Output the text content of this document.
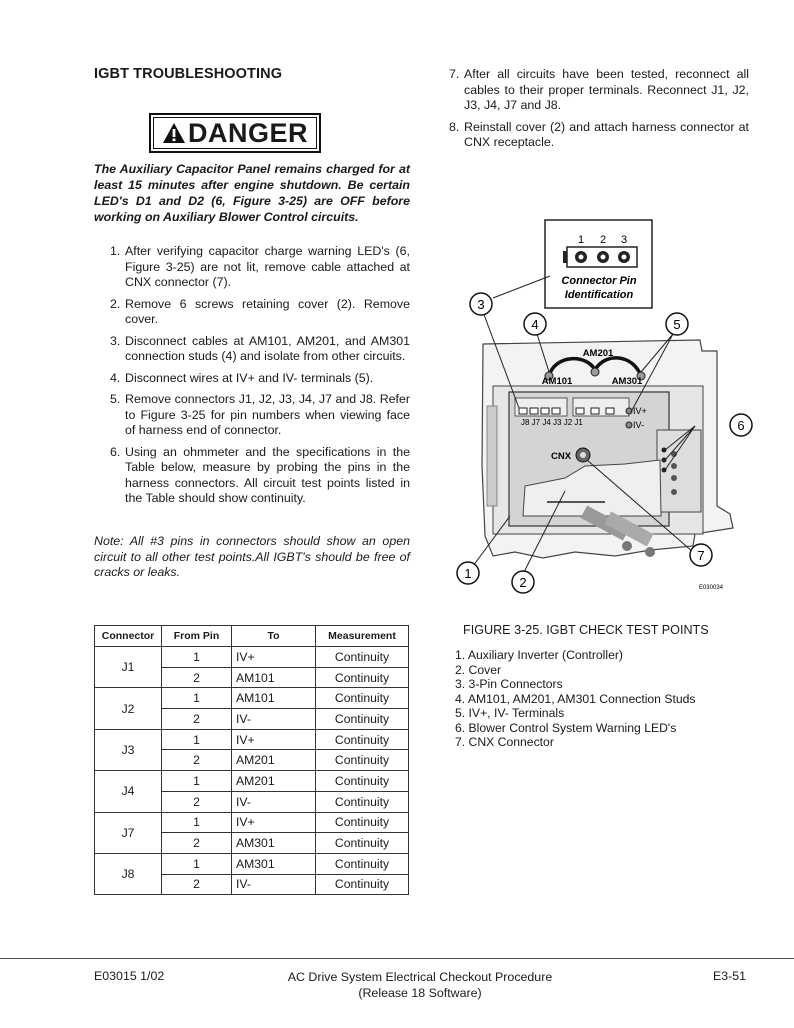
IGBT TROUBLESHOOTING
DANGER
The Auxiliary Capacitor Panel remains charged for at least 15 minutes after engine shutdown. Be certain LED's D1 and D2 (6, Figure 3-25) are OFF before working on Auxiliary Blower Control circuits.
1. After verifying capacitor charge warning LED's (6, Figure 3-25) are not lit, remove cable attached at CNX connector (7).
2. Remove 6 screws retaining cover (2). Remove cover.
3. Disconnect cables at AM101, AM201, and AM301 connection studs (4) and isolate from other circuits.
4. Disconnect wires at IV+ and IV- terminals (5).
5. Remove connectors J1, J2, J3, J4, J7 and J8. Refer to Figure 3-25 for pin numbers when viewing face of harness end of connector.
6. Using an ohmmeter and the specifications in the Table below, measure by probing the pins in the harness connectors. All circuit test points listed in the Table should show continuity.
Note: All #3 pins in connectors should show an open circuit to all other test points.All IGBT's should be free of cracks or leaks.
7. After all circuits have been tested, reconnect all cables to their proper terminals. Reconnect J1, J2, J3, J4, J7 and J8.
8. Reinstall cover (2) and attach harness connector at CNX receptacle.
Connector	From Pin	To	Measurement
J1	1	IV+	Continuity
	2	AM101	Continuity
J2	1	AM101	Continuity
	2	IV-	Continuity
J3	1	IV+	Continuity
	2	AM201	Continuity
J4	1	AM201	Continuity
	2	IV-	Continuity
J7	1	IV+	Continuity
	2	AM301	Continuity
J8	1	AM301	Continuity
	2	IV-	Continuity
1 2 3
Connector Pin
Identification
AM201
AM101	AM301
J8 J7 J4 J3 J2 J1
IV+
IV-
CNX
3
4	5
6
7
1
2	E030034
FIGURE 3-25. IGBT CHECK TEST POINTS
1. Auxiliary Inverter (Controller)
2. Cover
3. 3-Pin Connectors
4. AM101, AM201, AM301 Connection Studs
5. IV+, IV- Terminals
6. Blower Control System Warning LED's
7. CNX Connector
E03015 1/02	AC Drive System Electrical Checkout Procedure
(Release 18 Software)
E3-51
